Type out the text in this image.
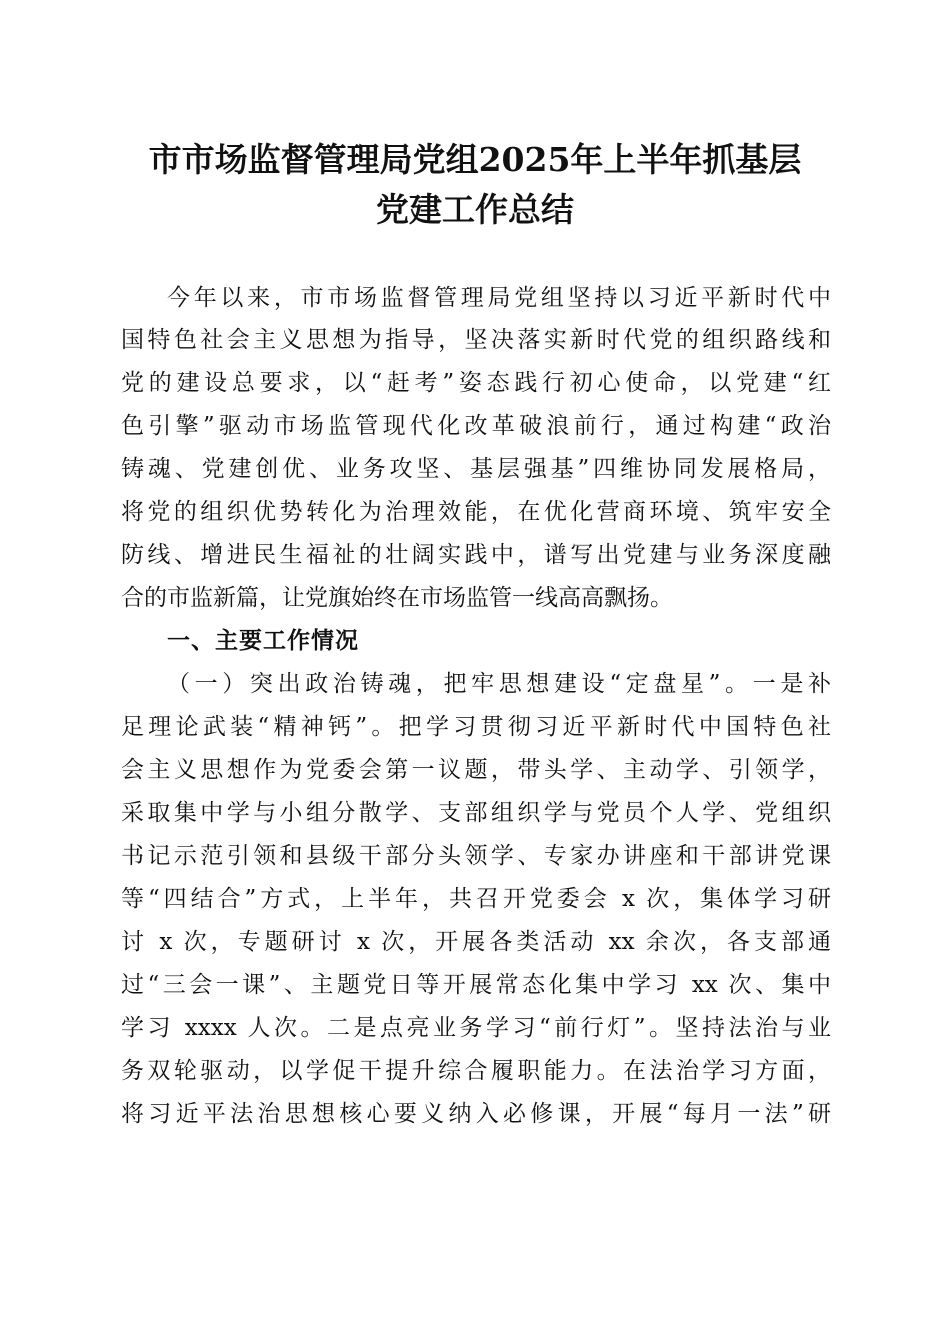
市市场监督管理局党组2025年上半年抓基层
党建工作总结

今年以来，市市场监督管理局党组坚持以习近平新时代中

国特色社会主义思想为指导，坚决落实新时代党的组织路线和

党的建设总要求，以“赶考”姿态践行初心使命，以党建“红

色引擎”驱动市场监管现代化改革破浪前行，通过构建“政治

铸魂、党建创优、业务攻坚、基层强基”四维协同发展格局，

将党的组织优势转化为治理效能，在优化营商环境、筑牢安全

防线、增进民生福祉的壮阔实践中，谱写出党建与业务深度融

合的市监新篇，让党旗始终在市场监管一线高高飘扬。

一、主要工作情况

（一）突出政治铸魂，把牢思想建设“定盘星”。一是补

足理论武装“精神钙”。把学习贯彻习近平新时代中国特色社

会主义思想作为党委会第一议题，带头学、主动学、引领学，

采取集中学与小组分散学、支部组织学与党员个人学、党组织

书记示范引领和县级干部分头领学、专家办讲座和干部讲党课

等“四结合”方式，上半年，共召开党委会 x 次，集体学习研

讨 x 次，专题研讨 x 次，开展各类活动 xx 余次，各支部通

过“三会一课”、主题党日等开展常态化集中学习 xx 次、集中

学习 xxxx 人次。二是点亮业务学习“前行灯”。坚持法治与业

务双轮驱动，以学促干提升综合履职能力。在法治学习方面，

将习近平法治思想核心要义纳入必修课，开展“每月一法”研
